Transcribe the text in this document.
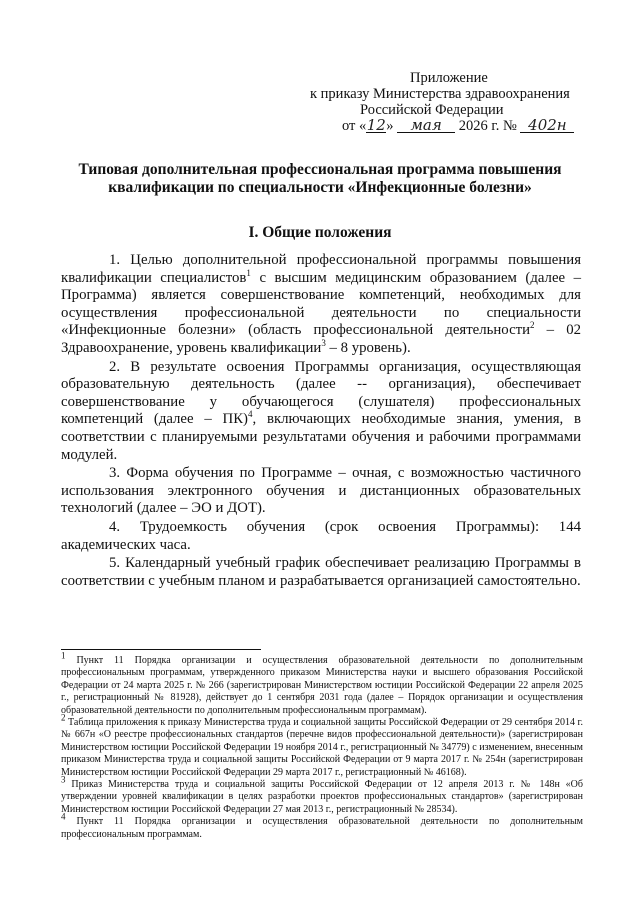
Приложение
к приказу Министерства здравоохранения
Российской Федерации
от «12» мая 2026 г. № 402н
Типовая дополнительная профессиональная программа повышения
квалификации по специальности «Инфекционные болезни»
I. Общие положения

1. Целью дополнительной профессиональной программы повышения квалификации специалистов$^1$ с высшим медицинским образованием (далее – Программа) является совершенствование компетенций, необходимых для осуществления профессиональной деятельности по специальности «Инфекционные болезни» (область профессиональной деятельности$^2$ – 02 Здравоохранение, уровень квалификации$^3$ – 8 уровень).

2. В результате освоения Программы организация, осуществляющая образовательную деятельность (далее -- организация), обеспечивает совершенствование у обучающегося (слушателя) профессиональных компетенций (далее – ПК)$^4$, включающих необходимые знания, умения, в соответствии с планируемыми результатами обучения и рабочими программами модулей.

3. Форма обучения по Программе – очная, с возможностью частичного использования электронного обучения и дистанционных образовательных технологий (далее – ЭО и ДОТ).

4. Трудоемкость обучения (срок освоения Программы): 144 академических часа.

5. Календарный учебный график обеспечивает реализацию Программы в соответствии с учебным планом и разрабатывается организацией самостоятельно.

$^1$ Пункт 11 Порядка организации и осуществления образовательной деятельности по дополнительным профессиональным программам, утвержденного приказом Министерства науки и высшего образования Российской Федерации от 24 марта 2025 г. № 266 (зарегистрирован Министерством юстиции Российской Федерации 22 апреля 2025 г., регистрационный № 81928), действует до 1 сентября 2031 года (далее – Порядок организации и осуществления образовательной деятельности по дополнительным профессиональным программам).

$^2$ Таблица приложения к приказу Министерства труда и социальной защиты Российской Федерации от 29 сентября 2014 г. № 667н «О реестре профессиональных стандартов (перечне видов профессиональной деятельности)» (зарегистрирован Министерством юстиции Российской Федерации 19 ноября 2014 г., регистрационный № 34779) с изменением, внесенным приказом Министерства труда и социальной защиты Российской Федерации от 9 марта 2017 г. № 254н (зарегистрирован Министерством юстиции Российской Федерации 29 марта 2017 г., регистрационный № 46168).

$^3$ Приказ Министерства труда и социальной защиты Российской Федерации от 12 апреля 2013 г. № 148н «Об утверждении уровней квалификации в целях разработки проектов профессиональных стандартов» (зарегистрирован Министерством юстиции Российской Федерации 27 мая 2013 г., регистрационный № 28534).

$^4$ Пункт 11 Порядка организации и осуществления образовательной деятельности по дополнительным профессиональным программам.
